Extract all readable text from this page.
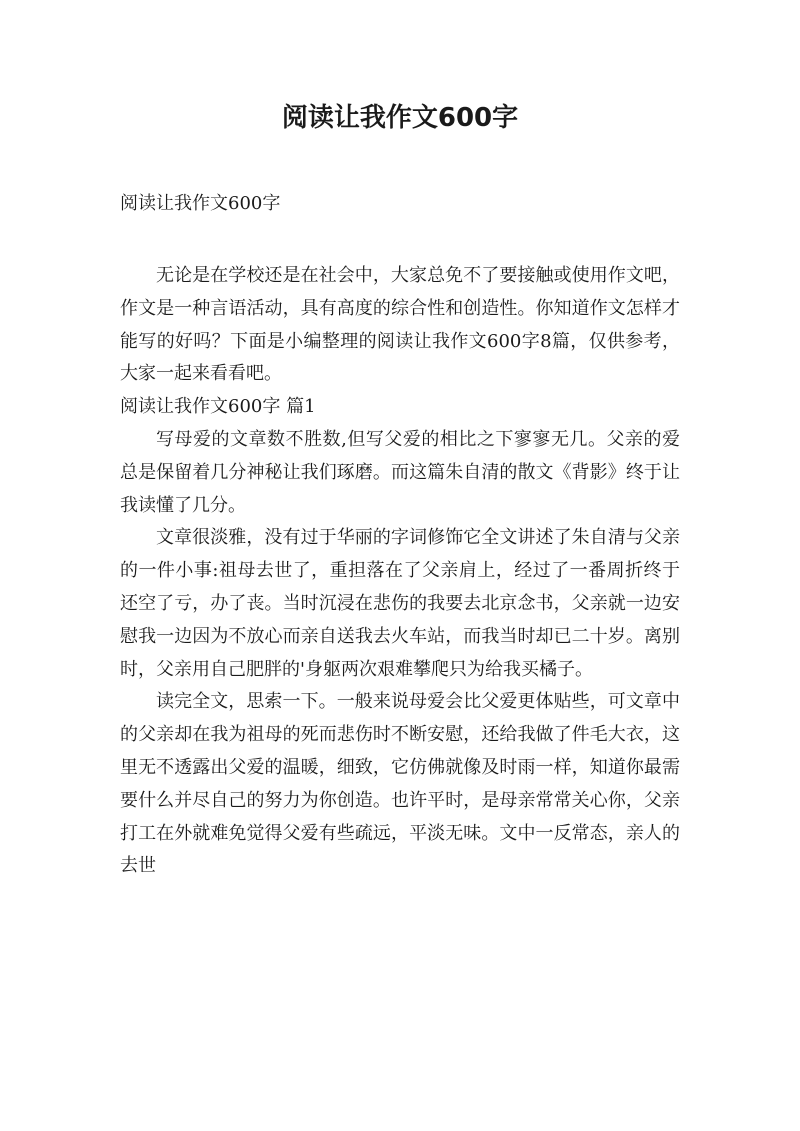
阅读让我作文600字

阅读让我作文600字

无论是在学校还是在社会中，大家总免不了要接触或使用作文吧，作文是一种言语活动，具有高度的综合性和创造性。你知道作文怎样才能写的好吗？下面是小编整理的阅读让我作文600字8篇，仅供参考，大家一起来看看吧。

阅读让我作文600字 篇1

写母爱的文章数不胜数,但写父爱的相比之下寥寥无几。父亲的爱总是保留着几分神秘让我们琢磨。而这篇朱自清的散文《背影》终于让我读懂了几分。

文章很淡雅，没有过于华丽的字词修饰它全文讲述了朱自清与父亲的一件小事:祖母去世了，重担落在了父亲肩上，经过了一番周折终于还空了亏，办了丧。当时沉浸在悲伤的我要去北京念书，父亲就一边安慰我一边因为不放心而亲自送我去火车站，而我当时却已二十岁。离别时，父亲用自己肥胖的'身躯两次艰难攀爬只为给我买橘子。

读完全文，思索一下。一般来说母爱会比父爱更体贴些，可文章中的父亲却在我为祖母的死而悲伤时不断安慰，还给我做了件毛大衣，这里无不透露出父爱的温暖，细致，它仿佛就像及时雨一样，知道你最需要什么并尽自己的努力为你创造。也许平时，是母亲常常关心你，父亲打工在外就难免觉得父爱有些疏远，平淡无味。文中一反常态，亲人的去世
